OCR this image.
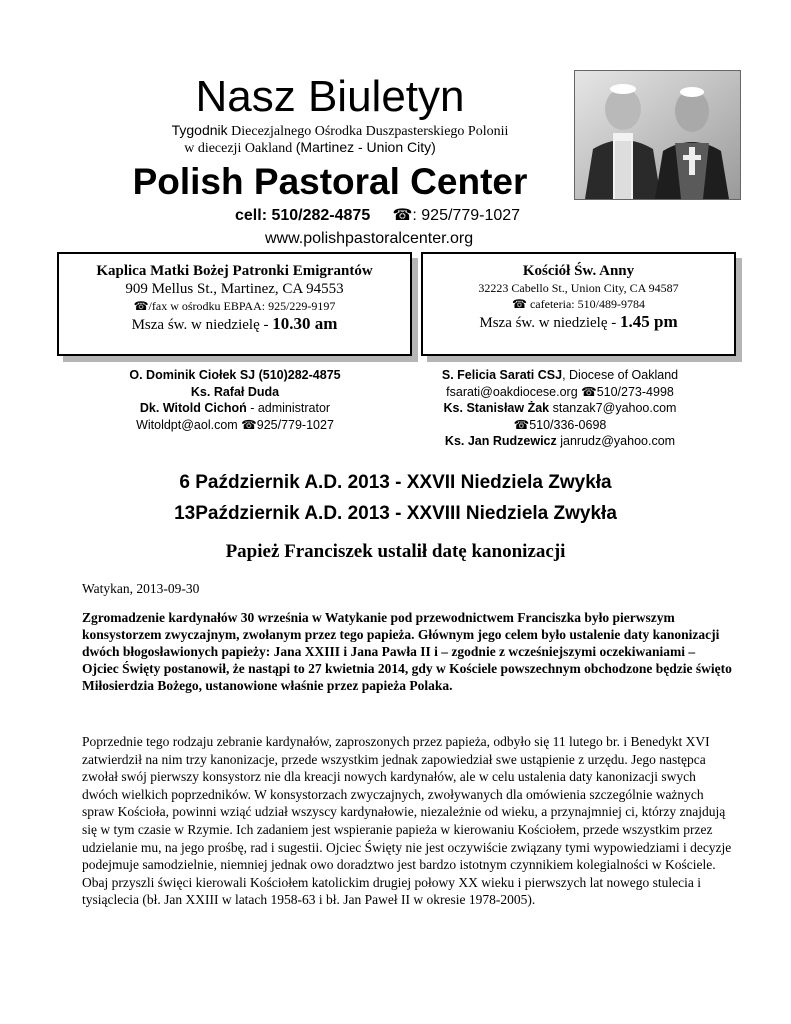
Nasz Biuletyn
Tygodnik Diecezjalnego Ośrodka Duszpasterskiego Polonii
w diecezji Oakland (Martinez - Union City)
Polish Pastoral Center
cell: 510/282-4875 ☎: 925/779-1027
www.polishpastoralcenter.org
Kaplica Matki Bożej Patronki Emigrantów
909 Mellus St., Martinez, CA 94553
☎/fax w ośrodku EBPAA: 925/229-9197
Msza św. w niedzielę - 10.30 am
Kościół Św. Anny
32223 Cabello St., Union City, CA 94587
☎ cafeteria: 510/489-9784
Msza św. w niedzielę - 1.45 pm
O. Dominik Ciołek SJ (510)282-4875
Ks. Rafał Duda
Dk. Witold Cichoń - administrator
Witoldpt@aol.com ☎925/779-1027
S. Felicia Sarati CSJ, Diocese of Oakland
fsarati@oakdiocese.org ☎510/273-4998
Ks. Stanisław Żak stanzak7@yahoo.com
☎510/336-0698
Ks. Jan Rudzewicz janrudz@yahoo.com
6 Październik A.D. 2013 - XXVII Niedziela Zwykła
13Październik A.D. 2013 - XXVIII Niedziela Zwykła
Papież Franciszek ustalił datę kanonizacji
Watykan, 2013-09-30
Zgromadzenie kardynałów 30 września w Watykanie pod przewodnictwem Franciszka było pierwszym konsystorzem zwyczajnym, zwołanym przez tego papieża. Głównym jego celem było ustalenie daty kanonizacji dwóch błogosławionych papieży: Jana XXIII i Jana Pawła II i – zgodnie z wcześniejszymi oczekiwaniami – Ojciec Święty postanowił, że nastąpi to 27 kwietnia 2014, gdy w Kościele powszechnym obchodzone będzie święto Miłosierdzia Bożego, ustanowione właśnie przez papieża Polaka.
Poprzednie tego rodzaju zebranie kardynałów, zaproszonych przez papieża, odbyło się 11 lutego br. i Benedykt XVI zatwierdził na nim trzy kanonizacje, przede wszystkim jednak zapowiedział swe ustąpienie z urzędu. Jego następca zwołał swój pierwszy konsystorz nie dla kreacji nowych kardynałów, ale w celu ustalenia daty kanonizacji swych dwóch wielkich poprzedników. W konsystorzach zwyczajnych, zwoływanych dla omówienia szczególnie ważnych spraw Kościoła, powinni wziąć udział wszyscy kardynałowie, niezależnie od wieku, a przynajmniej ci, którzy znajdują się w tym czasie w Rzymie. Ich zadaniem jest wspieranie papieża w kierowaniu Kościołem, przede wszystkim przez udzielanie mu, na jego prośbę, rad i sugestii. Ojciec Święty nie jest oczywiście związany tymi wypowiedziami i decyzje podejmuje samodzielnie, niemniej jednak owo doradztwo jest bardzo istotnym czynnikiem kolegialności w Kościele. Obaj przyszli święci kierowali Kościołem katolickim drugiej połowy XX wieku i pierwszych lat nowego stulecia i tysiąclecia (bł. Jan XXIII w latach 1958-63 i bł. Jan Paweł II w okresie 1978-2005).
